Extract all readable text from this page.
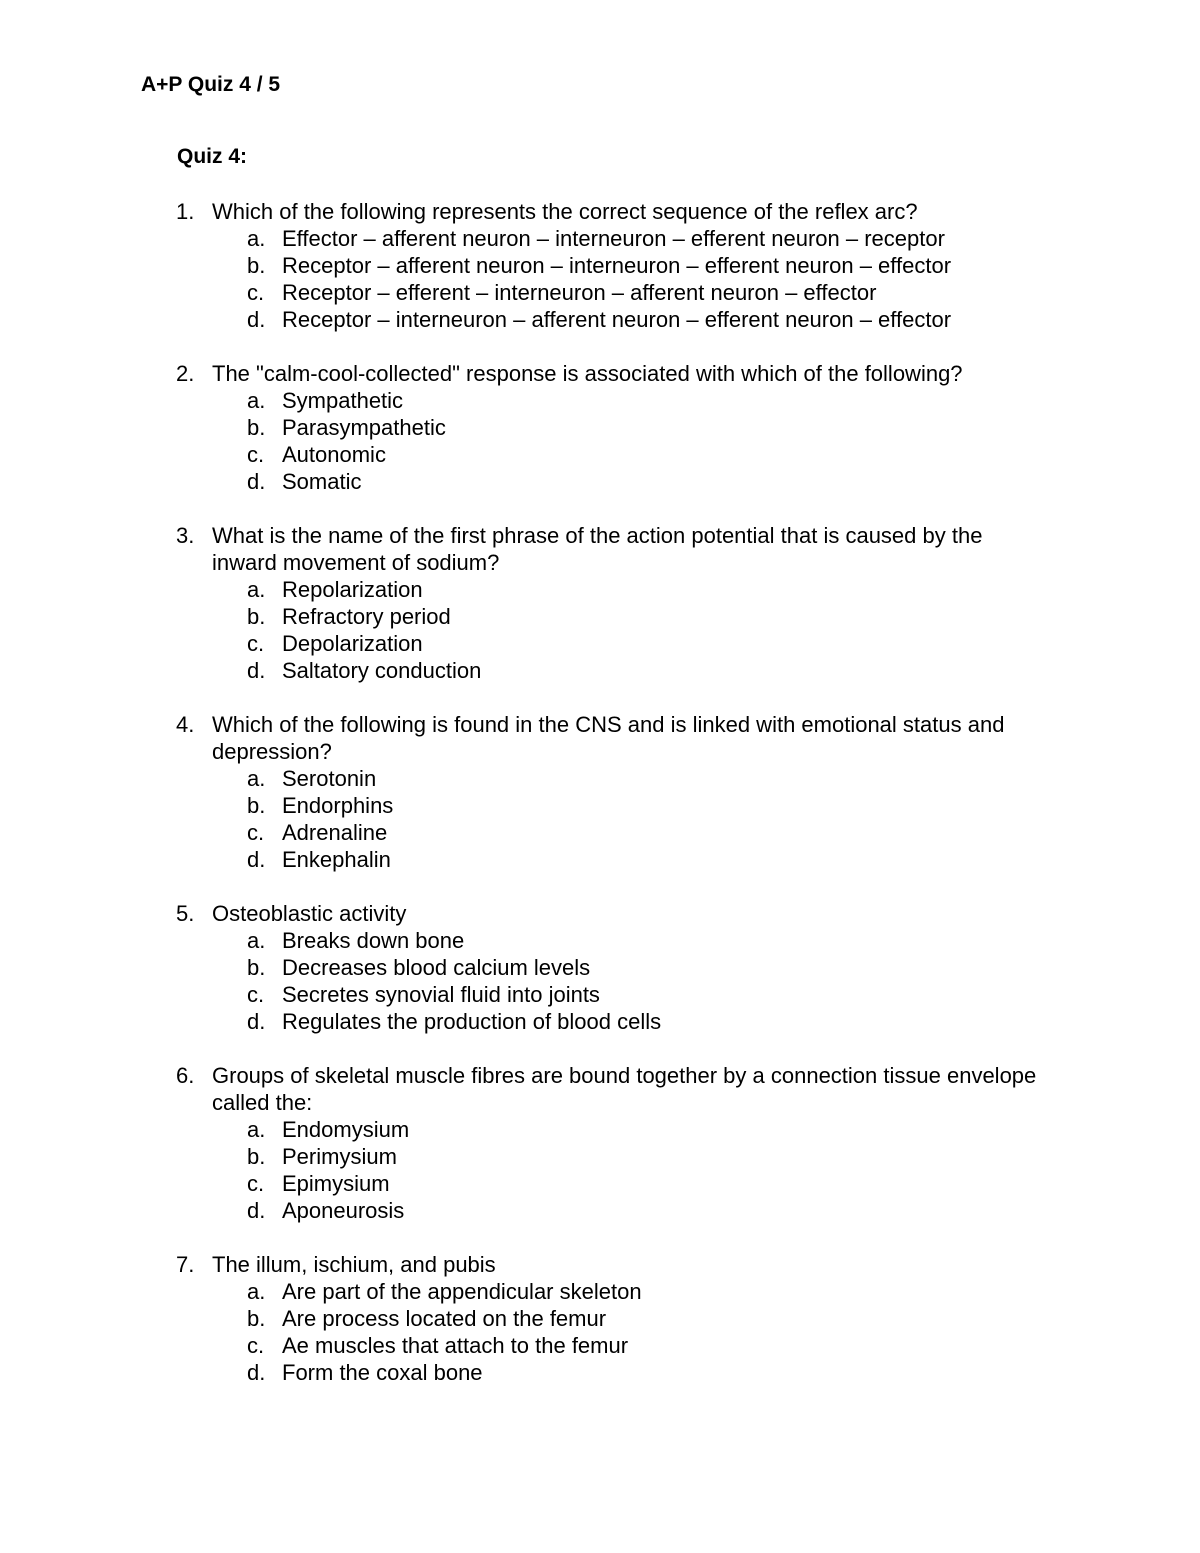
A+P Quiz 4 / 5
Quiz 4:
1. Which of the following represents the correct sequence of the reflex arc?
a. Effector – afferent neuron – interneuron – efferent neuron – receptor
b. Receptor – afferent neuron – interneuron – efferent neuron – effector
c. Receptor – efferent – interneuron – afferent neuron – effector
d. Receptor – interneuron – afferent neuron – efferent neuron – effector
2. The "calm-cool-collected" response is associated with which of the following?
a. Sympathetic
b. Parasympathetic
c. Autonomic
d. Somatic
3. What is the name of the first phrase of the action potential that is caused by the inward movement of sodium?
a. Repolarization
b. Refractory period
c. Depolarization
d. Saltatory conduction
4. Which of the following is found in the CNS and is linked with emotional status and depression?
a. Serotonin
b. Endorphins
c. Adrenaline
d. Enkephalin
5. Osteoblastic activity
a. Breaks down bone
b. Decreases blood calcium levels
c. Secretes synovial fluid into joints
d. Regulates the production of blood cells
6. Groups of skeletal muscle fibres are bound together by a connection tissue envelope called the:
a. Endomysium
b. Perimysium
c. Epimysium
d. Aponeurosis
7. The illum, ischium, and pubis
a. Are part of the appendicular skeleton
b. Are process located on the femur
c. Ae muscles that attach to the femur
d. Form the coxal bone
